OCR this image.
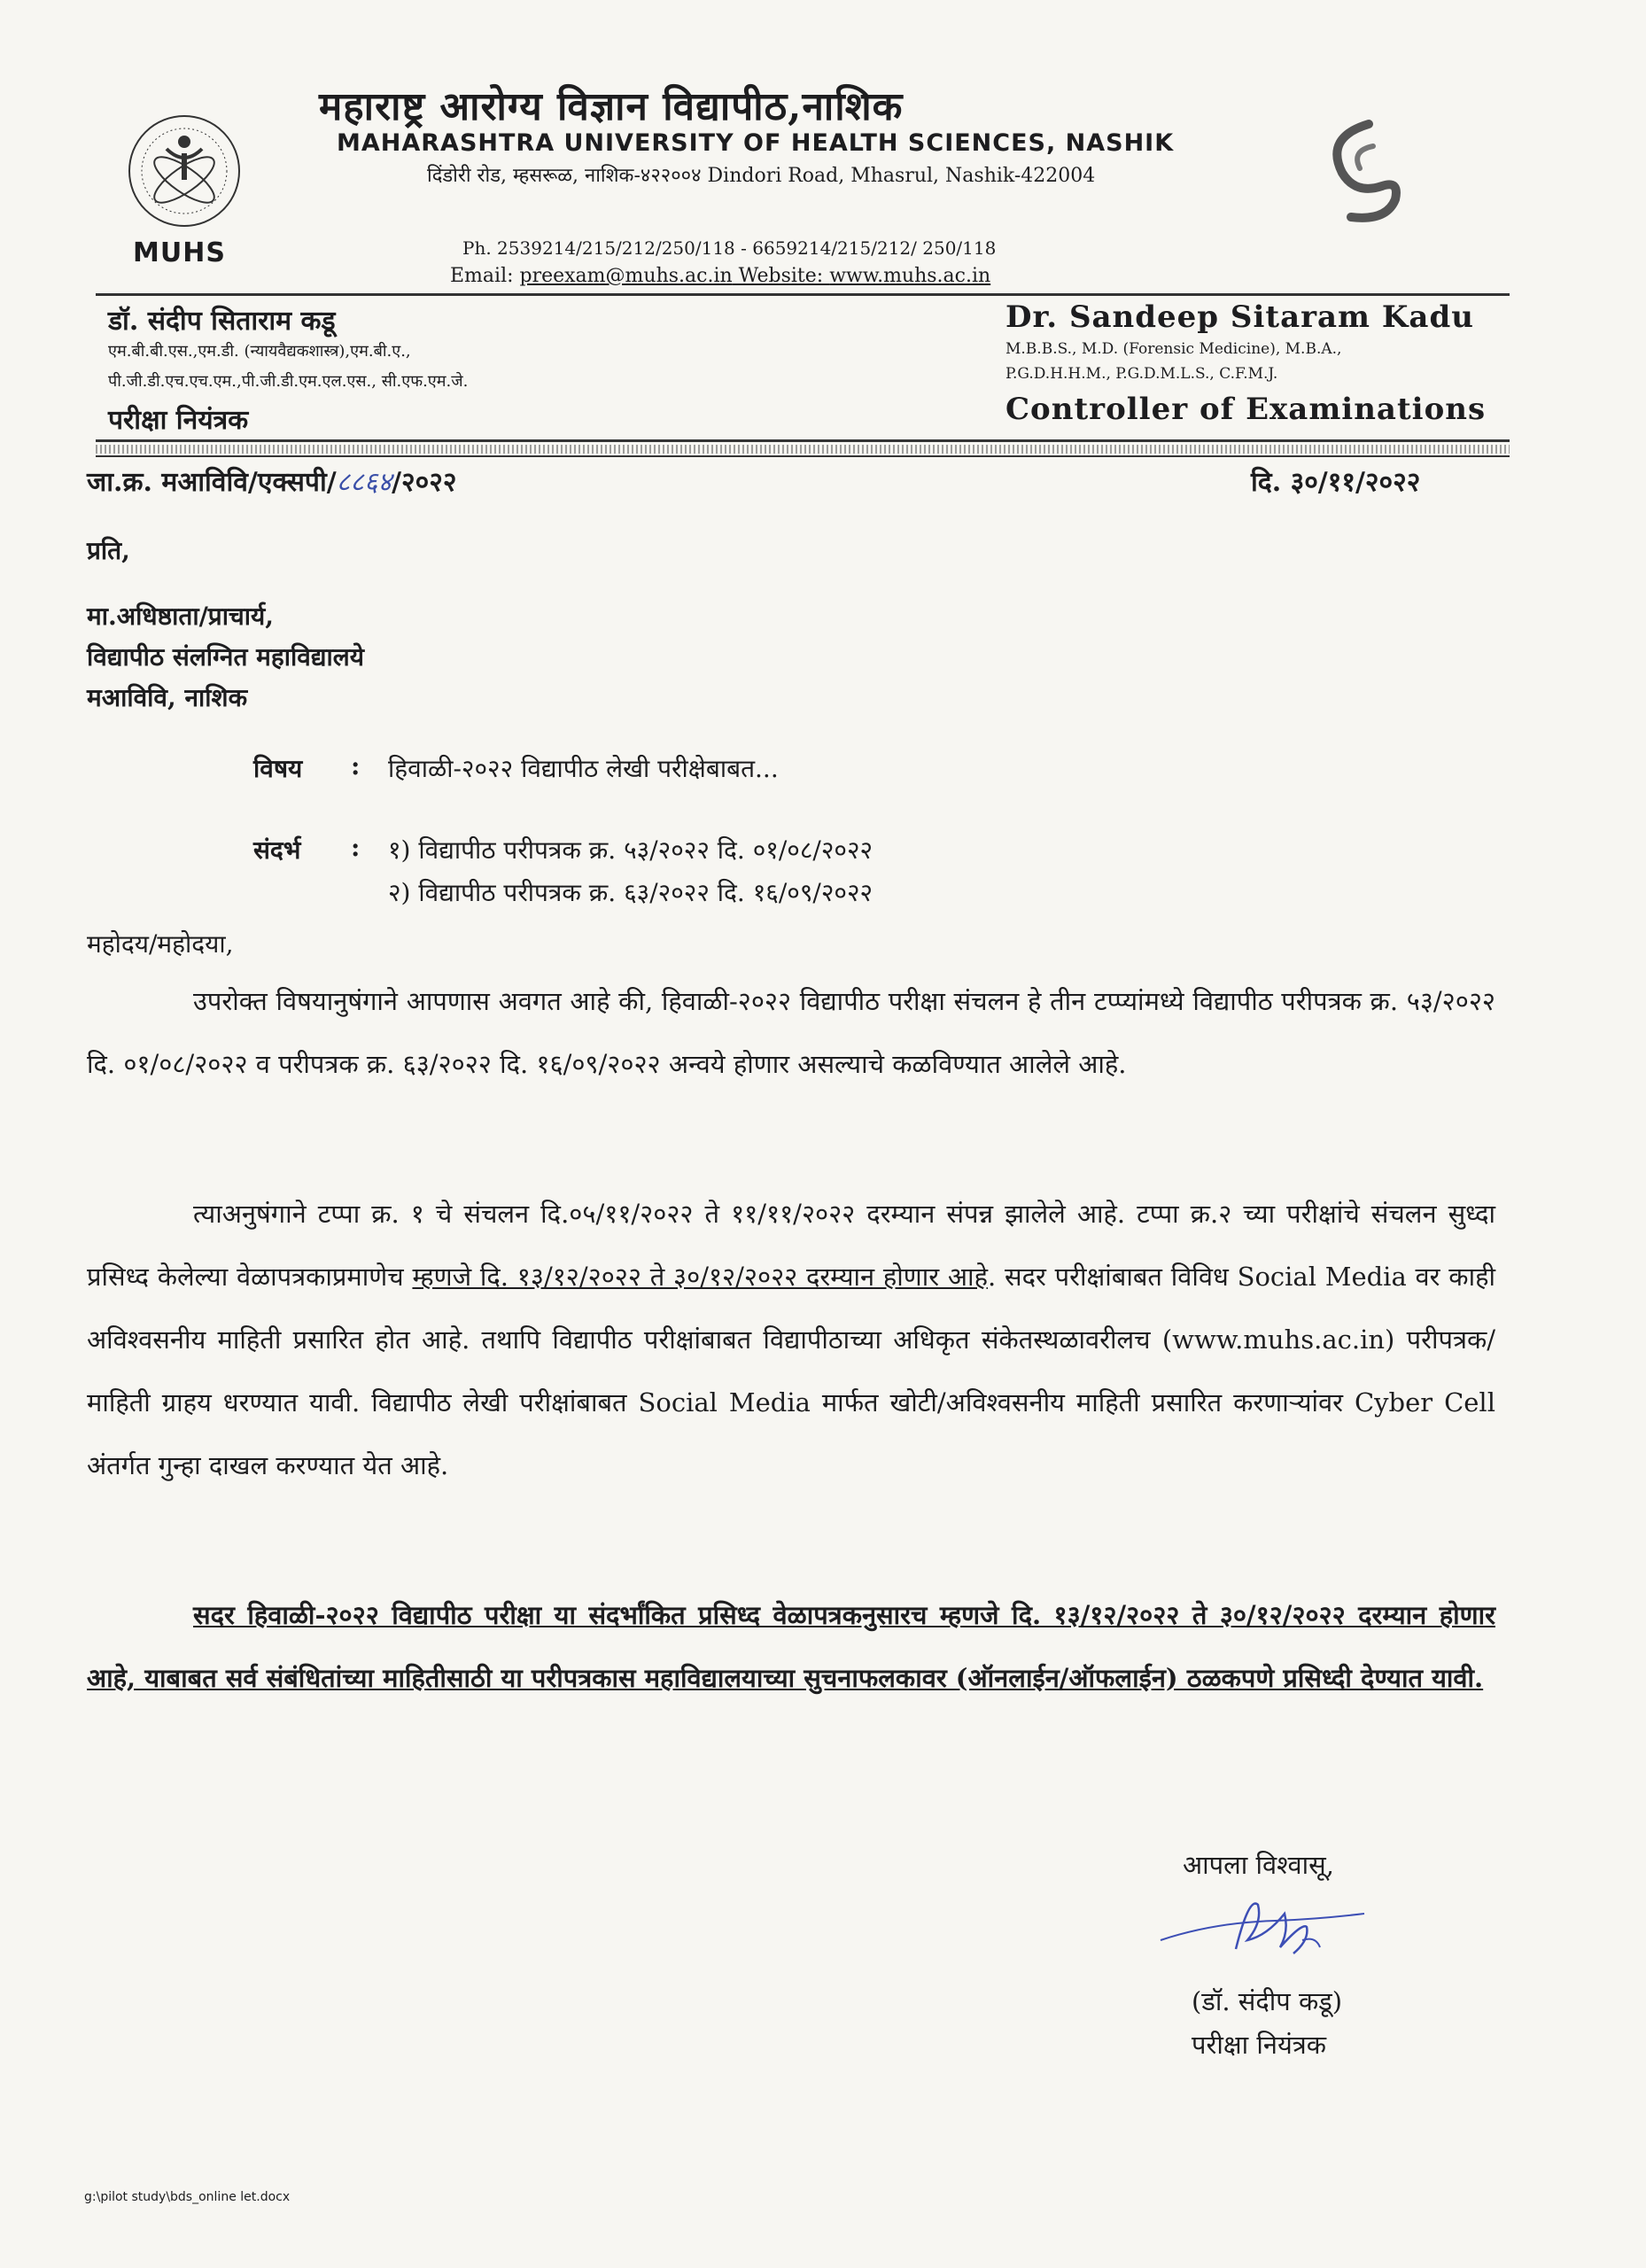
MUHS
महाराष्ट्र आरोग्य विज्ञान विद्यापीठ,नाशिक
MAHARASHTRA UNIVERSITY OF HEALTH SCIENCES, NASHIK
दिंडोरी रोड, म्हसरूळ, नाशिक-४२२००४ Dindori Road, Mhasrul, Nashik-422004
Ph. 2539214/215/212/250/118 - 6659214/215/212/ 250/118
Email: preexam@muhs.ac.in Website: www.muhs.ac.in
डॉ. संदीप सिताराम कडू
एम.बी.बी.एस.,एम.डी. (न्यायवैद्यकशास्त्र),एम.बी.ए.,
पी.जी.डी.एच.एच.एम.,पी.जी.डी.एम.एल.एस., सी.एफ.एम.जे.
परीक्षा नियंत्रक
Dr. Sandeep Sitaram Kadu
M.B.B.S., M.D. (Forensic Medicine), M.B.A.,
P.G.D.H.H.M., P.G.D.M.L.S., C.F.M.J.
Controller of Examinations
जा.क्र. मआविवि/एक्सपी/८८६४/२०२२	दि. ३०/११/२०२२
प्रति,
मा.अधिष्ठाता/प्राचार्य,
विद्यापीठ संलग्नित महाविद्यालये
मआविवि, नाशिक
विषय : हिवाळी-२०२२ विद्यापीठ लेखी परीक्षेबाबत...
संदर्भ : १) विद्यापीठ परीपत्रक क्र. ५३/२०२२ दि. ०१/०८/२०२२
२) विद्यापीठ परीपत्रक क्र. ६३/२०२२ दि. १६/०९/२०२२
महोदय/महोदया,
उपरोक्त विषयानुषंगाने आपणास अवगत आहे की, हिवाळी-२०२२ विद्यापीठ परीक्षा संचलन हे तीन टप्प्यांमध्ये विद्यापीठ परीपत्रक क्र. ५३/२०२२ दि. ०१/०८/२०२२ व परीपत्रक क्र. ६३/२०२२ दि. १६/०९/२०२२ अन्वये होणार असल्याचे कळविण्यात आलेले आहे.
त्याअनुषंगाने टप्पा क्र. १ चे संचलन दि.०५/११/२०२२ ते ११/११/२०२२ दरम्यान संपन्न झालेले आहे. टप्पा क्र.२ च्या परीक्षांचे संचलन सुध्दा प्रसिध्द केलेल्या वेळापत्रकाप्रमाणेच म्हणजे दि. १३/१२/२०२२ ते ३०/१२/२०२२ दरम्यान होणार आहे. सदर परीक्षांबाबत विविध Social Media वर काही अविश्वसनीय माहिती प्रसारित होत आहे. तथापि विद्यापीठ परीक्षांबाबत विद्यापीठाच्या अधिकृत संकेतस्थळावरीलच (www.muhs.ac.in) परीपत्रक/माहिती ग्राहय धरण्यात यावी. विद्यापीठ लेखी परीक्षांबाबत Social Media मार्फत खोटी/अविश्वसनीय माहिती प्रसारित करणाऱ्यांवर Cyber Cell अंतर्गत गुन्हा दाखल करण्यात येत आहे.
सदर हिवाळी-२०२२ विद्यापीठ परीक्षा या संदर्भांकित प्रसिध्द वेळापत्रकनुसारच म्हणजे दि. १३/१२/२०२२ ते ३०/१२/२०२२ दरम्यान होणार आहे, याबाबत सर्व संबंधितांच्या माहितीसाठी या परीपत्रकास महाविद्यालयाच्या सुचनाफलकावर (ऑनलाईन/ऑफलाईन) ठळकपणे प्रसिध्दी देण्यात यावी.
आपला विश्वासू,
(डॉ. संदीप कडू)
परीक्षा नियंत्रक
g:\pilot study\bds_online let.docx
